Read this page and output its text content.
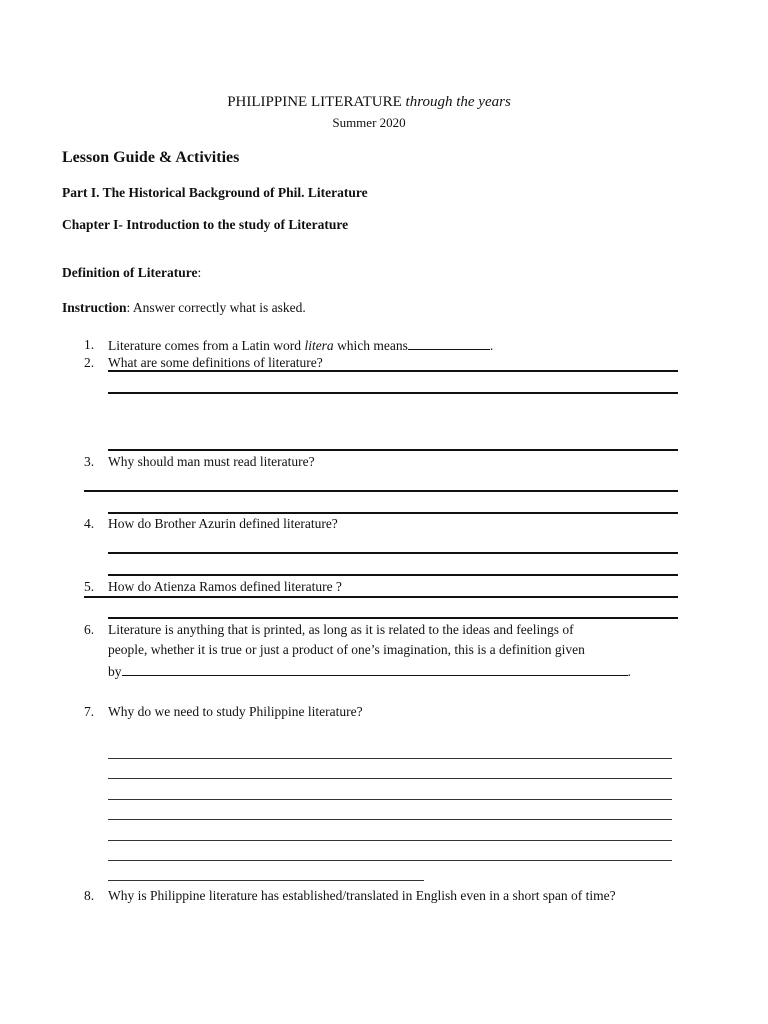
PHILIPPINE LITERATURE through the years
Summer 2020
Lesson Guide & Activities
Part I. The Historical Background of Phil. Literature
Chapter I- Introduction to the study of Literature
Definition of Literature:
Instruction: Answer correctly what is asked.
1. Literature comes from a Latin word litera which means	.
2. What are some definitions of literature?
3. Why should man must read literature?
4. How do Brother Azurin defined literature?
5. How do Atienza Ramos defined literature ?
6. Literature is anything that is printed, as long as it is related to the ideas and feelings of
people, whether it is true or just a product of one’s imagination, this is a definition given
by	.
7. Why do we need to study Philippine literature?
8. Why is Philippine literature has established/translated in English even in a short span of time?
